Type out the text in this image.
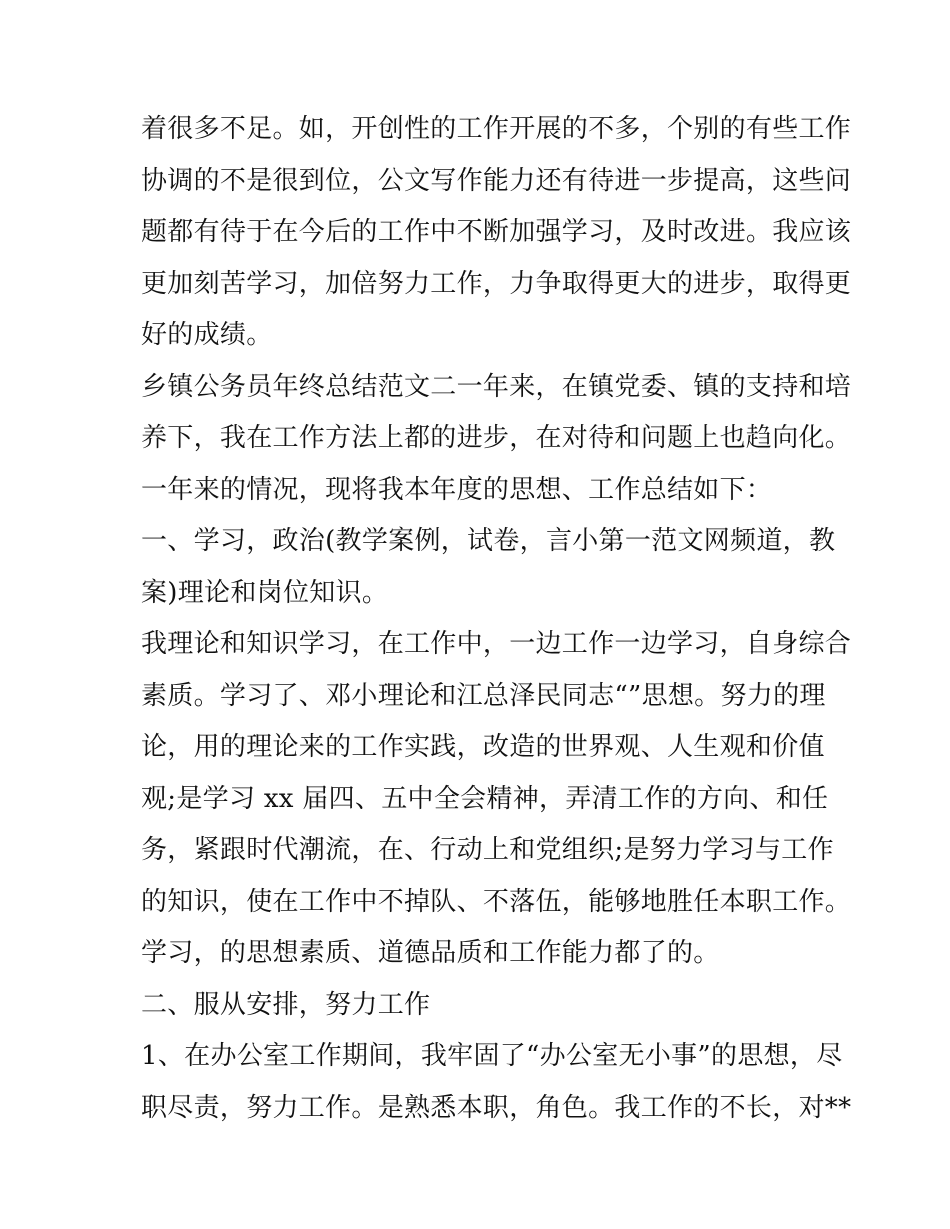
着很多不足。如，开创性的工作开展的不多，个别的有些工作
协调的不是很到位，公文写作能力还有待进一步提高，这些问
题都有待于在今后的工作中不断加强学习，及时改进。我应该
更加刻苦学习，加倍努力工作，力争取得更大的进步，取得更
好的成绩。
乡镇公务员年终总结范文二一年来，在镇党委、镇的支持和培
养下，我在工作方法上都的进步，在对待和问题上也趋向化。
一年来的情况，现将我本年度的思想、工作总结如下：
一、学习，政治(教学案例，试卷，言小第一范文网频道，教
案)理论和岗位知识。
我理论和知识学习，在工作中，一边工作一边学习，自身综合
素质。学习了、邓小理论和江总泽民同志“”思想。努力的理
论，用的理论来的工作实践，改造的世界观、人生观和价值
观;是学习 xx 届四、五中全会精神，弄清工作的方向、和任
务，紧跟时代潮流，在、行动上和党组织;是努力学习与工作
的知识，使在工作中不掉队、不落伍，能够地胜任本职工作。
学习，的思想素质、道德品质和工作能力都了的。
二、服从安排，努力工作
1、在办公室工作期间，我牢固了“办公室无小事”的思想，尽
职尽责，努力工作。是熟悉本职，角色。我工作的不长，对**
